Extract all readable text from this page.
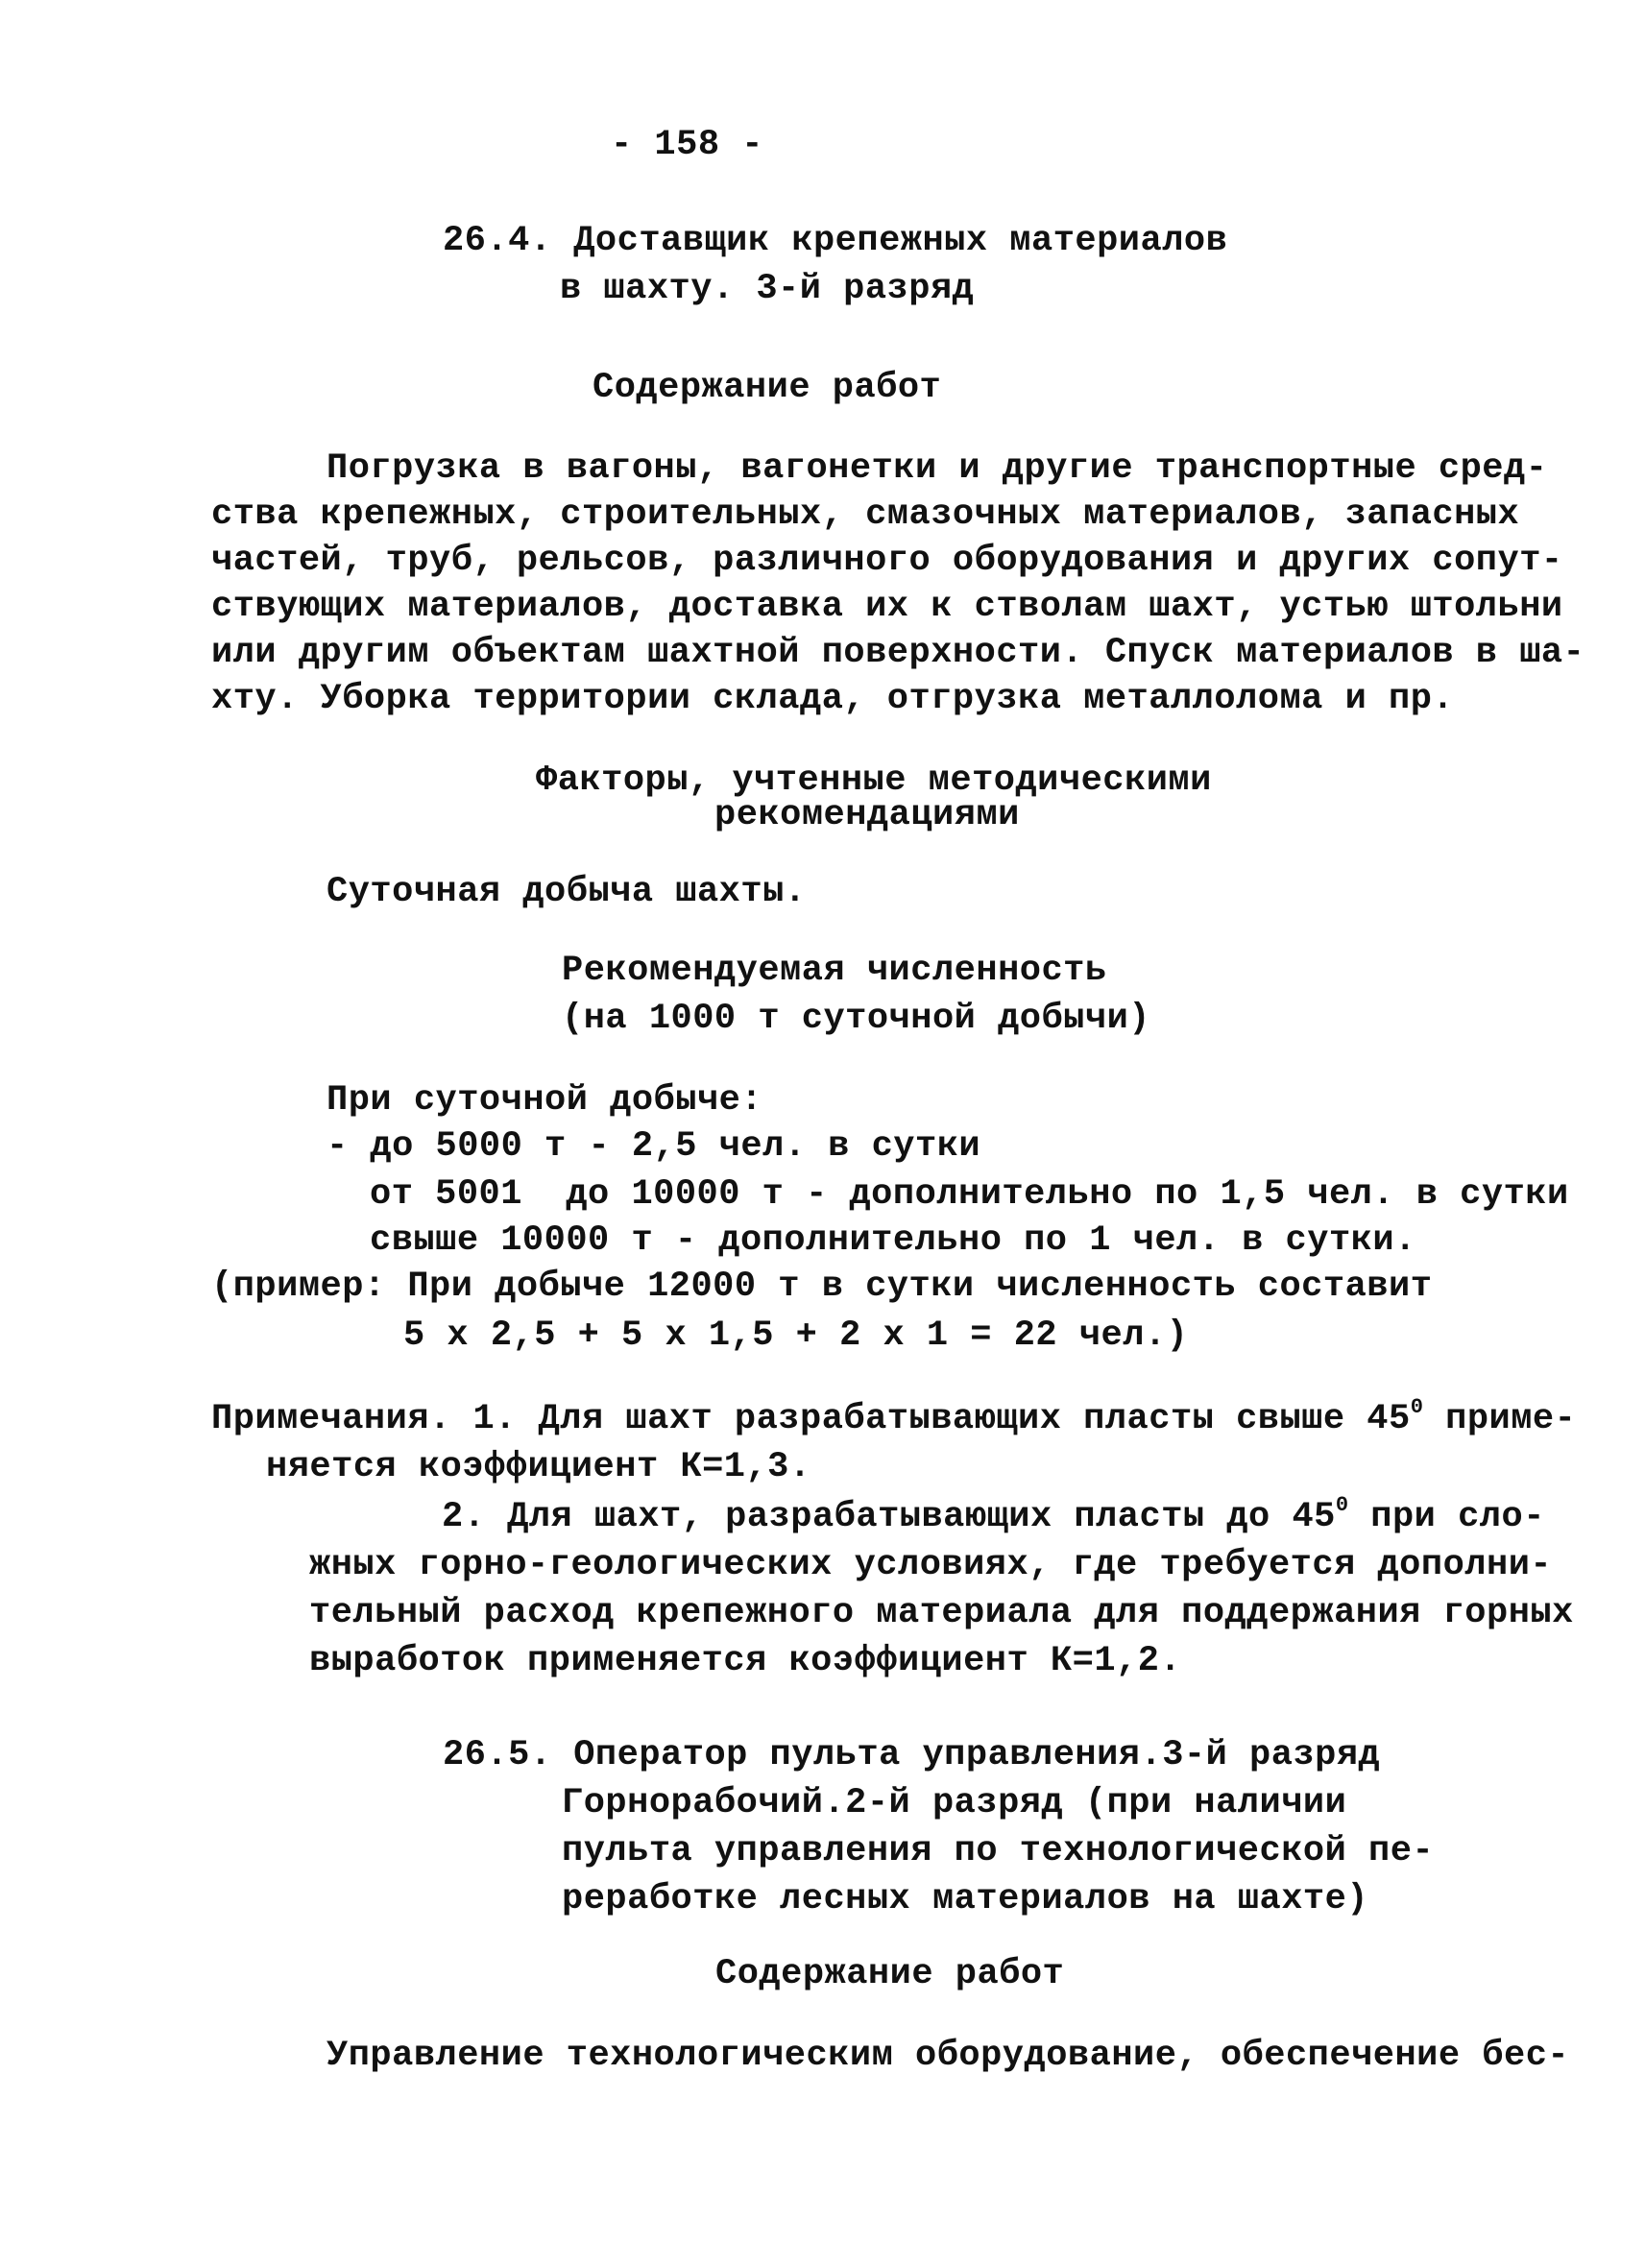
- 158 -
26.4. Доставщик крепежных материалов
в шахту. 3-й разряд
Содержание работ
Погрузка в вагоны, вагонетки и другие транспортные сред-
ства крепежных, строительных, смазочных материалов, запасных
частей, труб, рельсов, различного оборудования и других сопут-
ствующих материалов, доставка их к стволам шахт, устью штольни
или другим объектам шахтной поверхности. Спуск материалов в ша-
хту. Уборка территории склада, отгрузка металлолома и пр.
Факторы, учтенные методическими
рекомендациями
Суточная добыча шахты.
Рекомендуемая численность
(на 1000 т суточной добычи)
При суточной добыче:
- до 5000 т - 2,5 чел. в сутки
от 5001  до 10000 т - дополнительно по 1,5 чел. в сутки
свыше 10000 т - дополнительно по 1 чел. в сутки.
(пример: При добыче 12000 т в сутки численность составит
5 х 2,5 + 5 х 1,5 + 2 х 1 = 22 чел.)
Примечания. 1. Для шахт разрабатывающих пласты свыше $45^0$ приме-
няется коэффициент К=1,3.
2. Для шахт, разрабатывающих пласты до $45^0$ при сло-
жных горно-геологических условиях, где требуется дополни-
тельный расход крепежного материала для поддержания горных
выработок применяется коэффициент К=1,2.
26.5. Оператор пульта управления.3-й разряд
Горнорабочий.2-й разряд (при наличии
пульта управления по технологической пе-
реработке лесных материалов на шахте)
Содержание работ
Управление технологическим оборудование, обеспечение бес-
